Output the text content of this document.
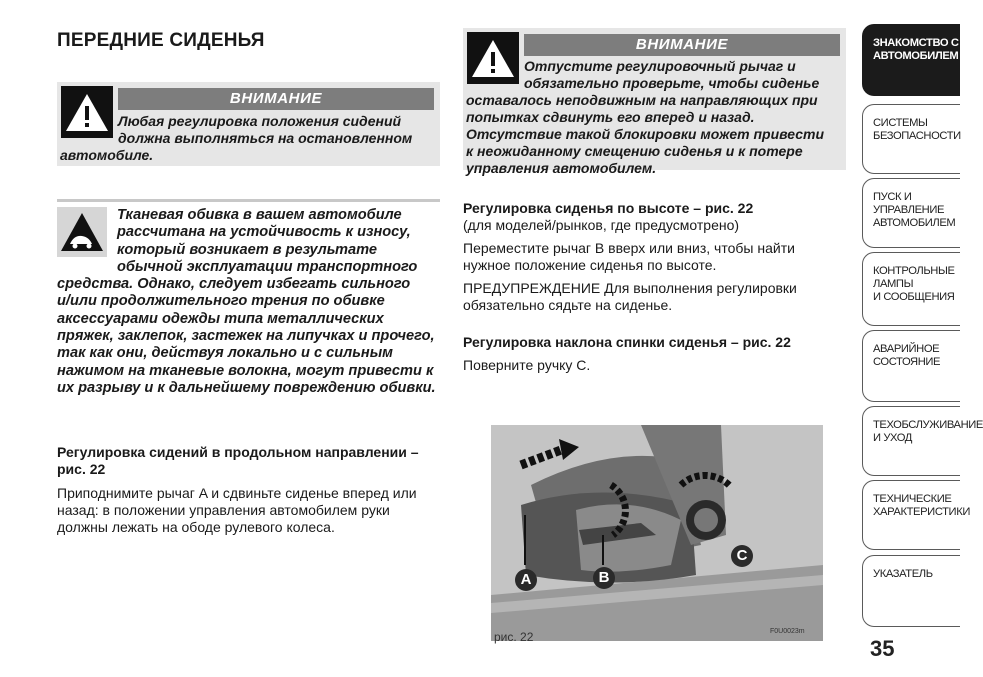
ПЕРЕДНИЕ СИДЕНЬЯ
ВНИМАНИЕ
Любая регулировка положения сидений
должна выполняться на остановленном
автомобиле.
Тканевая обивка в вашем автомобиле
рассчитана на устойчивость к износу,
который возникает в результате
обычной эксплуатации транспортного
средства. Однако, следует избегать сильного
и/или продолжительного трения по обивке
аксессуарами одежды типа металлических
пряжек, заклепок, застежек на липучках и прочего,
так как они, действуя локально и с сильным
нажимом на тканевые волокна, могут привести к
их разрыву и к дальнейшему повреждению обивки.
Регулировка сидений в продольном направлении –
рис. 22
Приподнимите рычаг A и сдвиньте сиденье вперед или
назад: в положении управления автомобилем руки
должны лежать на ободе рулевого колеса.
ВНИМАНИЕ
Отпустите регулировочный рычаг и
обязательно проверьте, чтобы сиденье
оставалось неподвижным на направляющих при
попытках сдвинуть его вперед и назад.
Отсутствие такой блокировки может привести
к неожиданному смещению сиденья и к потере
управления автомобилем.
Регулировка сиденья по высоте – рис. 22
(для моделей/рынков, где предусмотрено)
Переместите рычаг B вверх или вниз, чтобы найти
нужное положение сиденья по высоте.
ПРЕДУПРЕЖДЕНИЕ Для выполнения регулировки
обязательно сядьте на сиденье.
Регулировка наклона спинки сиденья – рис. 22
Поверните ручку C.
A	B
C
рис. 22	F0U0023m
35
ЗНАКОМСТВО С
АВТОМОБИЛЕМ
СИСТЕМЫ
БЕЗОПАСНОСТИ
ПУСК И УПРАВЛЕНИЕ
АВТОМОБИЛЕМ
КОНТРОЛЬНЫЕ
ЛАМПЫ
И СООБЩЕНИЯ
АВАРИЙНОЕ
СОСТОЯНИЕ
ТЕХОБСЛУЖИВАНИЕ
И УХОД
ТЕХНИЧЕСКИЕ
ХАРАКТЕРИСТИКИ
УКАЗАТЕЛЬ
